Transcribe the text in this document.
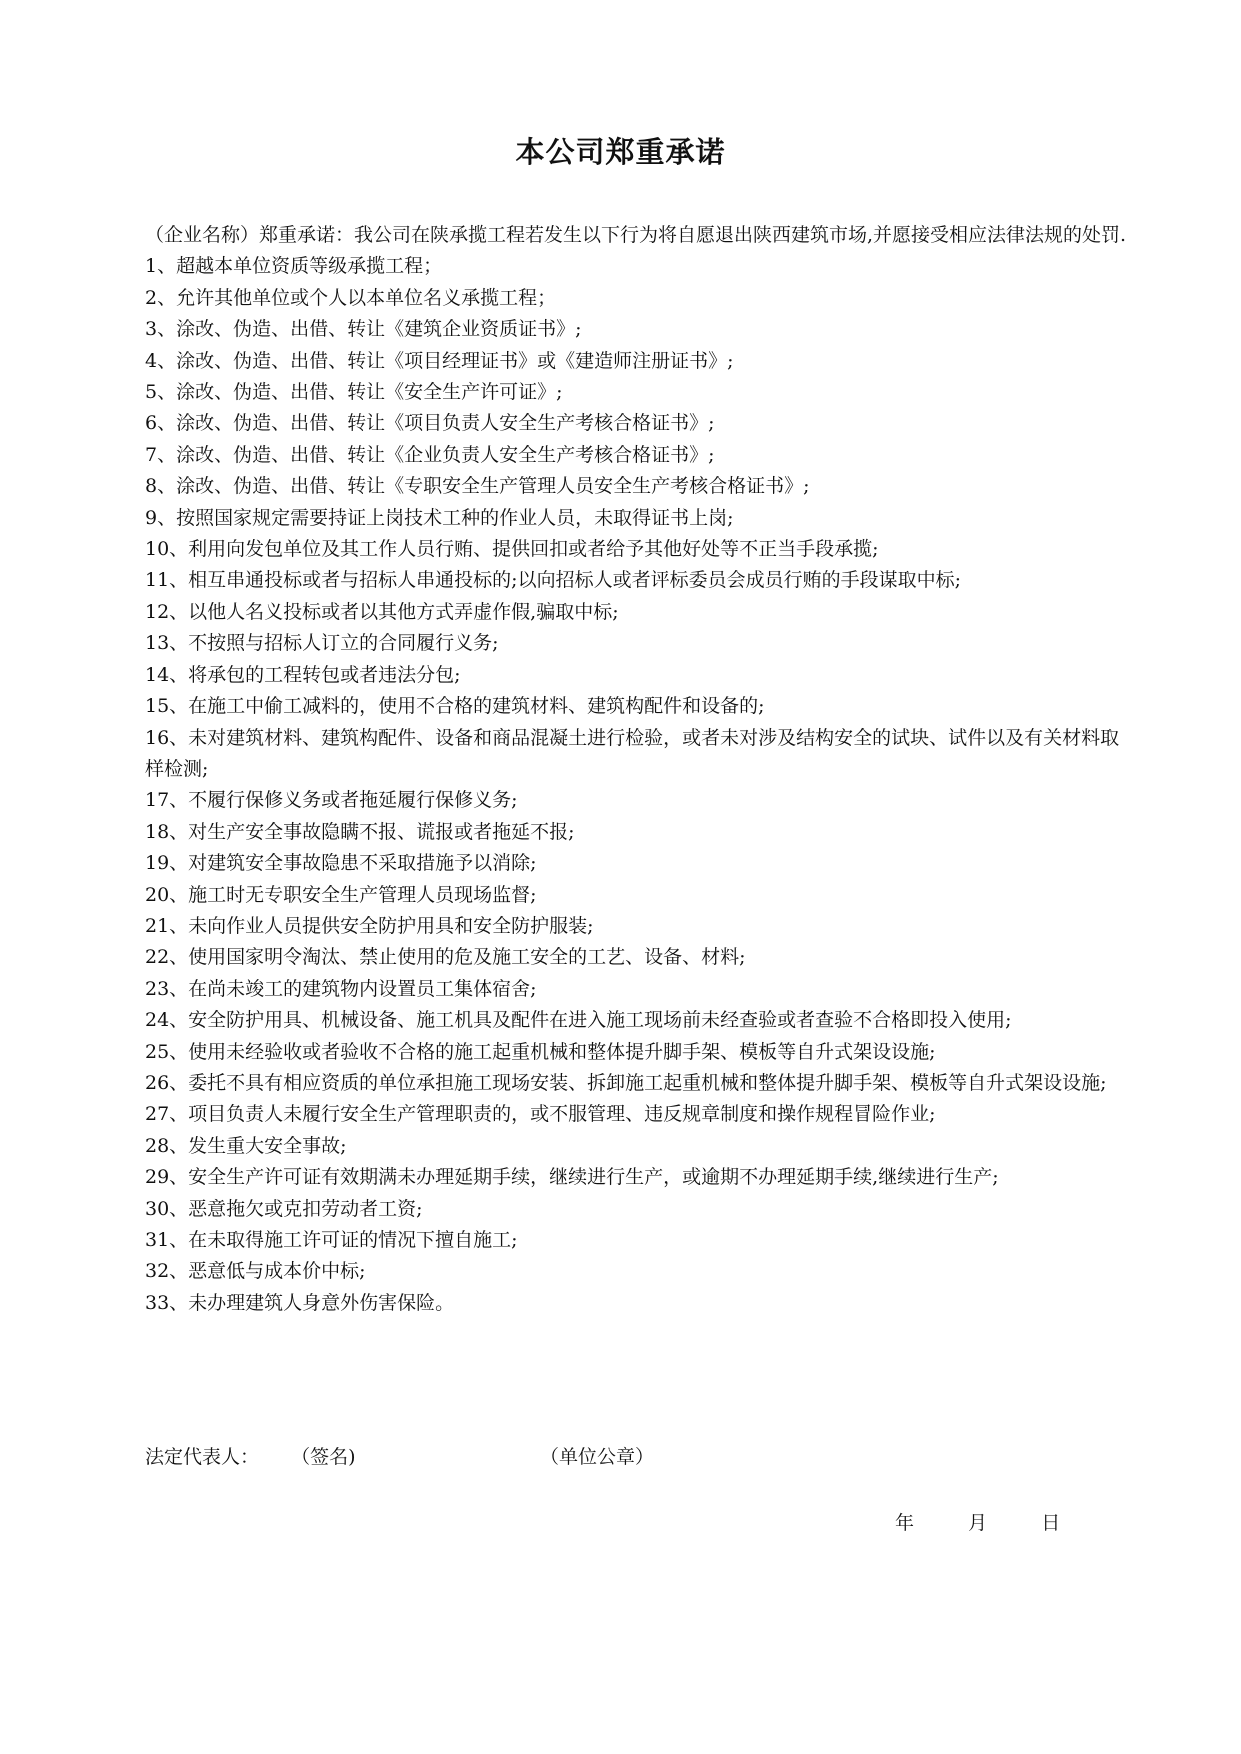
本公司郑重承诺

（企业名称）郑重承诺：我公司在陕承揽工程若发生以下行为将自愿退出陕西建筑市场,并愿接受相应法律法规的处罚.

1、超越本单位资质等级承揽工程；

2、允许其他单位或个人以本单位名义承揽工程；

3、涂改、伪造、出借、转让《建筑企业资质证书》;

4、涂改、伪造、出借、转让《项目经理证书》或《建造师注册证书》;

5、涂改、伪造、出借、转让《安全生产许可证》;

6、涂改、伪造、出借、转让《项目负责人安全生产考核合格证书》;

7、涂改、伪造、出借、转让《企业负责人安全生产考核合格证书》;

8、涂改、伪造、出借、转让《专职安全生产管理人员安全生产考核合格证书》;

9、按照国家规定需要持证上岗技术工种的作业人员，未取得证书上岗;

10、利用向发包单位及其工作人员行贿、提供回扣或者给予其他好处等不正当手段承揽;

11、相互串通投标或者与招标人串通投标的;以向招标人或者评标委员会成员行贿的手段谋取中标;

12、以他人名义投标或者以其他方式弄虚作假,骗取中标;

13、不按照与招标人订立的合同履行义务;

14、将承包的工程转包或者违法分包;

15、在施工中偷工减料的，使用不合格的建筑材料、建筑构配件和设备的;

16、未对建筑材料、建筑构配件、设备和商品混凝土进行检验，或者未对涉及结构安全的试块、试件以及有关材料取样检测;

17、不履行保修义务或者拖延履行保修义务;

18、对生产安全事故隐瞒不报、谎报或者拖延不报;

19、对建筑安全事故隐患不采取措施予以消除;

20、施工时无专职安全生产管理人员现场监督;

21、未向作业人员提供安全防护用具和安全防护服装;

22、使用国家明令淘汰、禁止使用的危及施工安全的工艺、设备、材料;

23、在尚未竣工的建筑物内设置员工集体宿舍;

24、安全防护用具、机械设备、施工机具及配件在进入施工现场前未经查验或者查验不合格即投入使用;

25、使用未经验收或者验收不合格的施工起重机械和整体提升脚手架、模板等自升式架设设施;

26、委托不具有相应资质的单位承担施工现场安装、拆卸施工起重机械和整体提升脚手架、模板等自升式架设设施;

27、项目负责人未履行安全生产管理职责的，或不服管理、违反规章制度和操作规程冒险作业;

28、发生重大安全事故;

29、安全生产许可证有效期满未办理延期手续，继续进行生产，或逾期不办理延期手续,继续进行生产;

30、恶意拖欠或克扣劳动者工资;

31、在未取得施工许可证的情况下擅自施工;

32、恶意低与成本价中标;

33、未办理建筑人身意外伤害保险。

法定代表人： （签名)	（单位公章）
年	月	日
